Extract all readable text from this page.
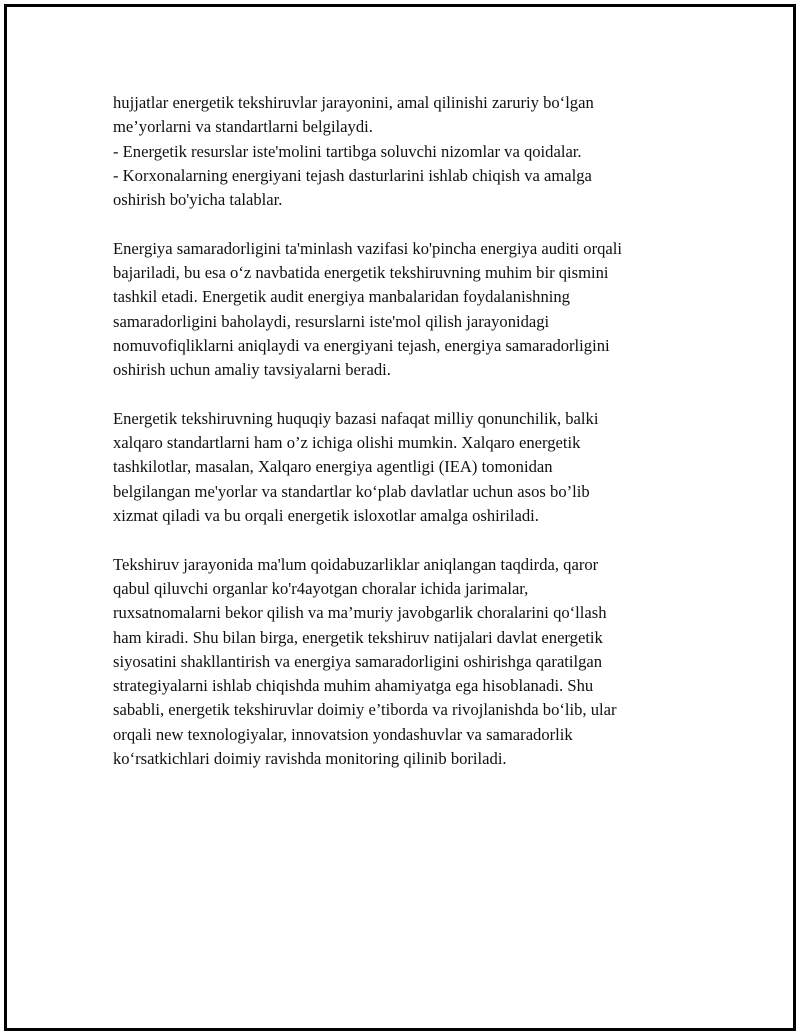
hujjatlar energetik tekshiruvlar jarayonini, amal qilinishi zaruriy bo‘lgan

me’yorlarni va standartlarni belgilaydi.

- Energetik resurslar iste'molini tartibga soluvchi nizomlar va qoidalar.

- Korxonalarning energiyani tejash dasturlarini ishlab chiqish va amalga

oshirish bo'yicha talablar.

Energiya samaradorligini ta'minlash vazifasi ko'pincha energiya auditi orqali

bajariladi, bu esa o‘z navbatida energetik tekshiruvning muhim bir qismini

tashkil etadi. Energetik audit energiya manbalaridan foydalanishning

samaradorligini baholaydi, resurslarni iste'mol qilish jarayonidagi

nomuvofiqliklarni aniqlaydi va energiyani tejash, energiya samaradorligini

oshirish uchun amaliy tavsiyalarni beradi.

Energetik tekshiruvning huquqiy bazasi nafaqat milliy qonunchilik, balki

xalqaro standartlarni ham o’z ichiga olishi mumkin. Xalqaro energetik

tashkilotlar, masalan, Xalqaro energiya agentligi (IEA) tomonidan

belgilangan me'yorlar va standartlar ko‘plab davlatlar uchun asos bo’lib

xizmat qiladi va bu orqali energetik isloxotlar amalga oshiriladi.

Tekshiruv jarayonida ma'lum qoidabuzarliklar aniqlangan taqdirda, qaror

qabul qiluvchi organlar ko'r4ayotgan choralar ichida jarimalar,

ruxsatnomalarni bekor qilish va ma’muriy javobgarlik choralarini qo‘llash

ham kiradi. Shu bilan birga, energetik tekshiruv natijalari davlat energetik

siyosatini shakllantirish va energiya samaradorligini oshirishga qaratilgan

strategiyalarni ishlab chiqishda muhim ahamiyatga ega hisoblanadi. Shu

sababli, energetik tekshiruvlar doimiy e’tiborda va rivojlanishda bo‘lib, ular

orqali new texnologiyalar, innovatsion yondashuvlar va samaradorlik

ko‘rsatkichlari doimiy ravishda monitoring qilinib boriladi.
